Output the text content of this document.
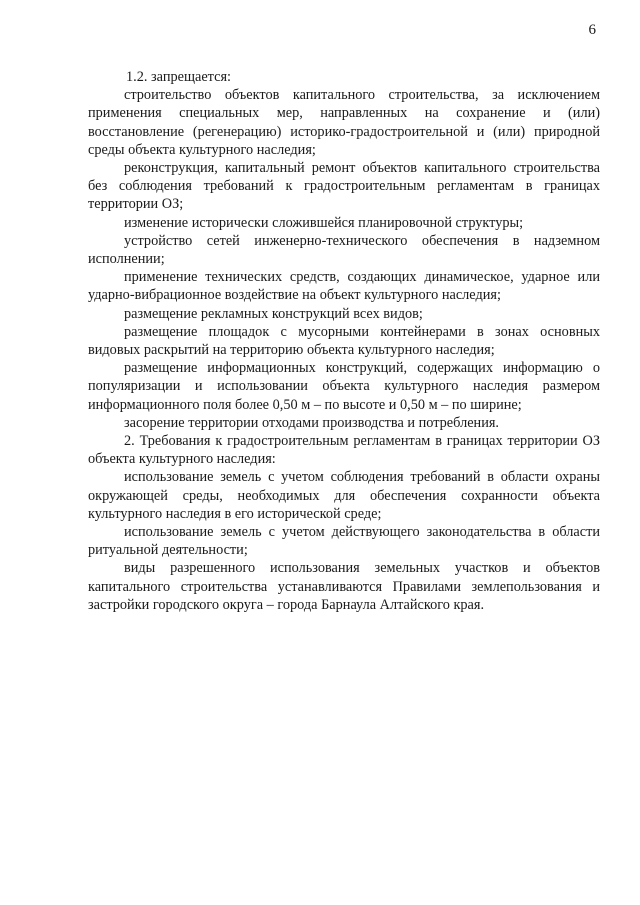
6

1.2. запрещается:

строительство объектов капитального строительства, за исключением применения специальных мер, направленных на сохранение и (или) восстановление (регенерацию) историко-градостроительной и (или) природной среды объекта культурного наследия;

реконструкция, капитальный ремонт объектов капитального строительства без соблюдения требований к градостроительным регламентам в границах территории ОЗ;

изменение исторически сложившейся планировочной структуры;

устройство сетей инженерно-технического обеспечения в надземном исполнении;

применение технических средств, создающих динамическое, ударное или ударно-вибрационное воздействие на объект культурного наследия;

размещение рекламных конструкций всех видов;

размещение площадок с мусорными контейнерами в зонах основных видовых раскрытий на территорию объекта культурного наследия;

размещение информационных конструкций, содержащих информацию о популяризации и использовании объекта культурного наследия размером информационного поля более 0,50 м – по высоте и 0,50 м – по ширине;

засорение территории отходами производства и потребления.

2. Требования к градостроительным регламентам в границах территории ОЗ объекта культурного наследия:

использование земель с учетом соблюдения требований в области охраны окружающей среды, необходимых для обеспечения сохранности объекта культурного наследия в его исторической среде;

использование земель с учетом действующего законодательства в области ритуальной деятельности;

виды разрешенного использования земельных участков и объектов капитального строительства устанавливаются Правилами землепользования и застройки городского округа – города Барнаула Алтайского края.
